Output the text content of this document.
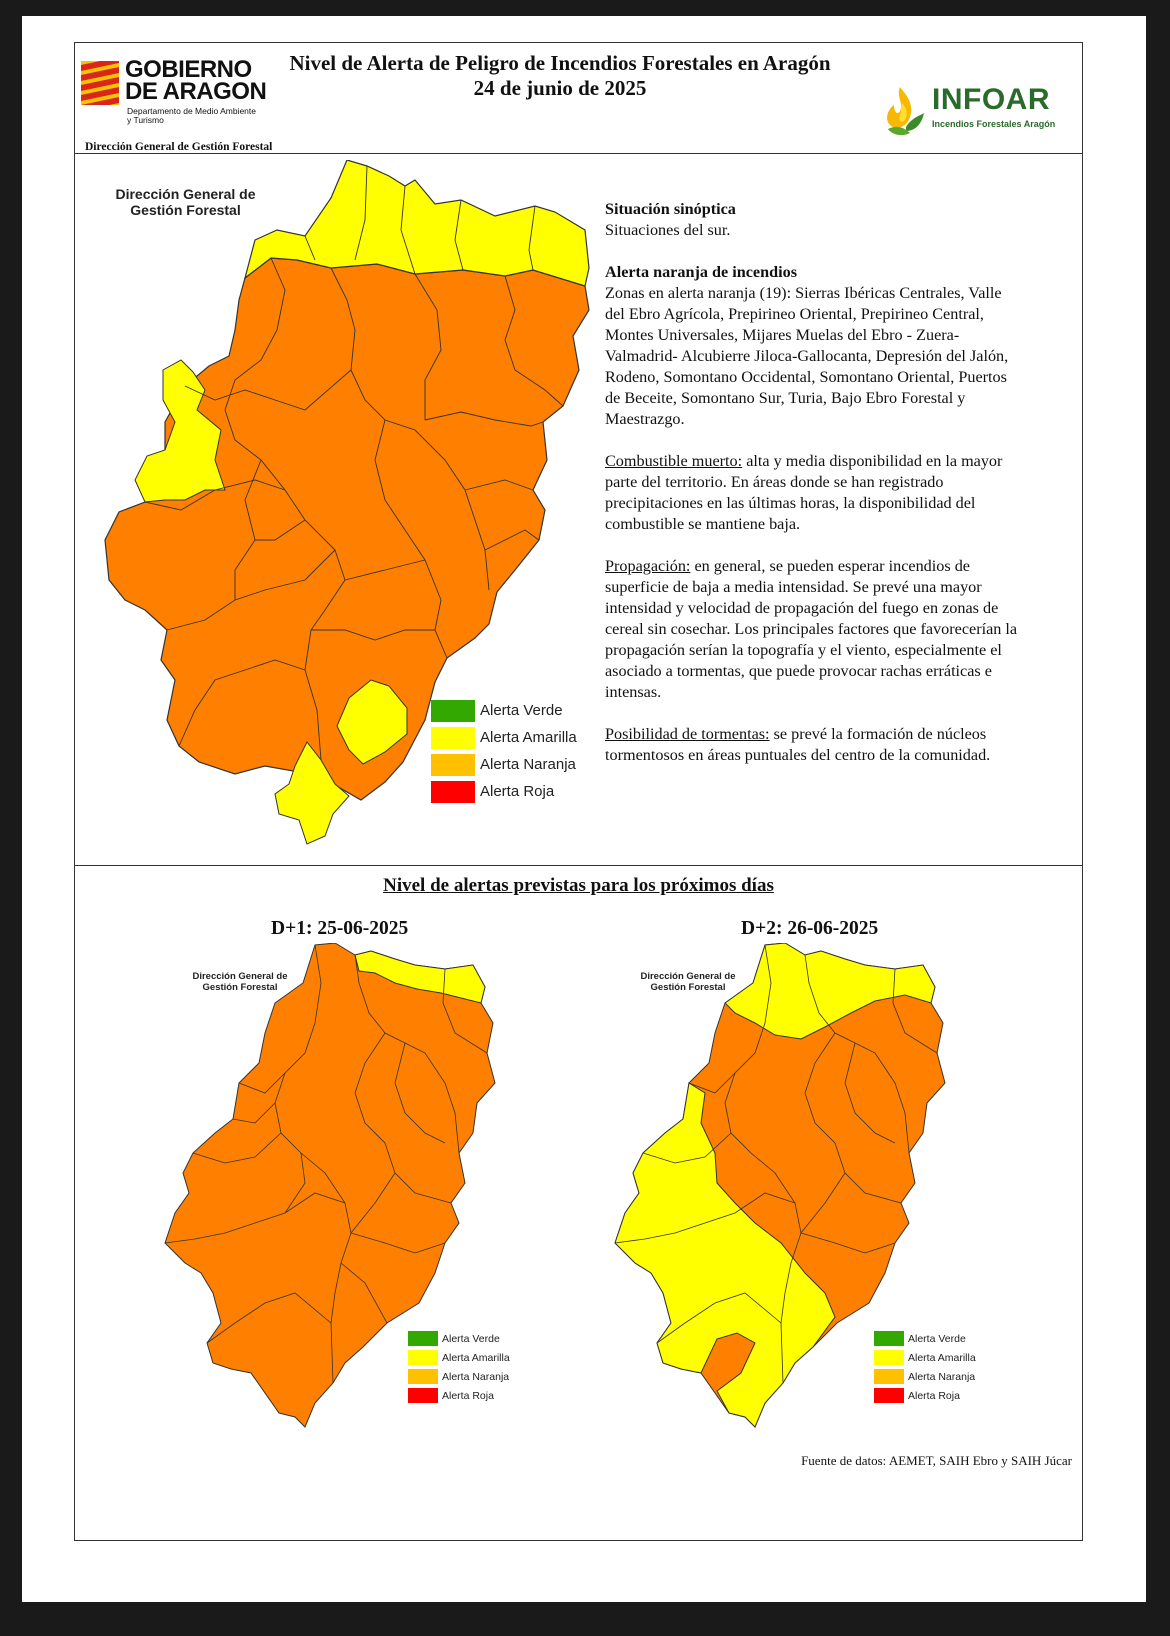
GOBIERNO
DE ARAGON
Departamento de Medio Ambiente
y Turismo
Dirección General de Gestión Forestal
Nivel de Alerta de Peligro de Incendios Forestales en Aragón
24 de junio de 2025	INFOAR
Incendios Forestales Aragón
Dirección General de
Gestión Forestal
Alerta Verde
Alerta Amarilla
Alerta Naranja
Alerta Roja

Situación sinóptica
Situaciones del sur.

Alerta naranja de incendios
Zonas en alerta naranja (19): Sierras Ibéricas Centrales, Valle del Ebro Agrícola, Prepirineo Oriental, Prepirineo Central, Montes Universales, Mijares Muelas del Ebro - Zuera- Valmadrid- Alcubierre Jiloca-Gallocanta, Depresión del Jalón, Rodeno, Somontano Occidental, Somontano Oriental, Puertos de Beceite, Somontano Sur, Turia, Bajo Ebro Forestal y Maestrazgo.

Combustible muerto: alta y media disponibilidad en la mayor parte del territorio. En áreas donde se han registrado precipitaciones en las últimas horas, la disponibilidad del combustible se mantiene baja.

Propagación: en general, se pueden esperar incendios de superficie de baja a media intensidad. Se prevé una mayor intensidad y velocidad de propagación del fuego en zonas de cereal sin cosechar. Los principales factores que favorecerían la propagación serían la topografía y el viento, especialmente el asociado a tormentas, que puede provocar rachas erráticas e intensas.

Posibilidad de tormentas: se prevé la formación de núcleos tormentosos en áreas puntuales del centro de la comunidad.

Nivel de alertas previstas para los próximos días
D+1: 25-06-2025	D+2: 26-06-2025
Dirección General de
Gestión Forestal
Alerta Verde
Alerta Amarilla
Alerta Naranja
Alerta Roja
Dirección General de
Gestión Forestal
Alerta Verde
Alerta Amarilla
Alerta Naranja
Alerta Roja
Fuente de datos: AEMET, SAIH Ebro y SAIH Júcar
